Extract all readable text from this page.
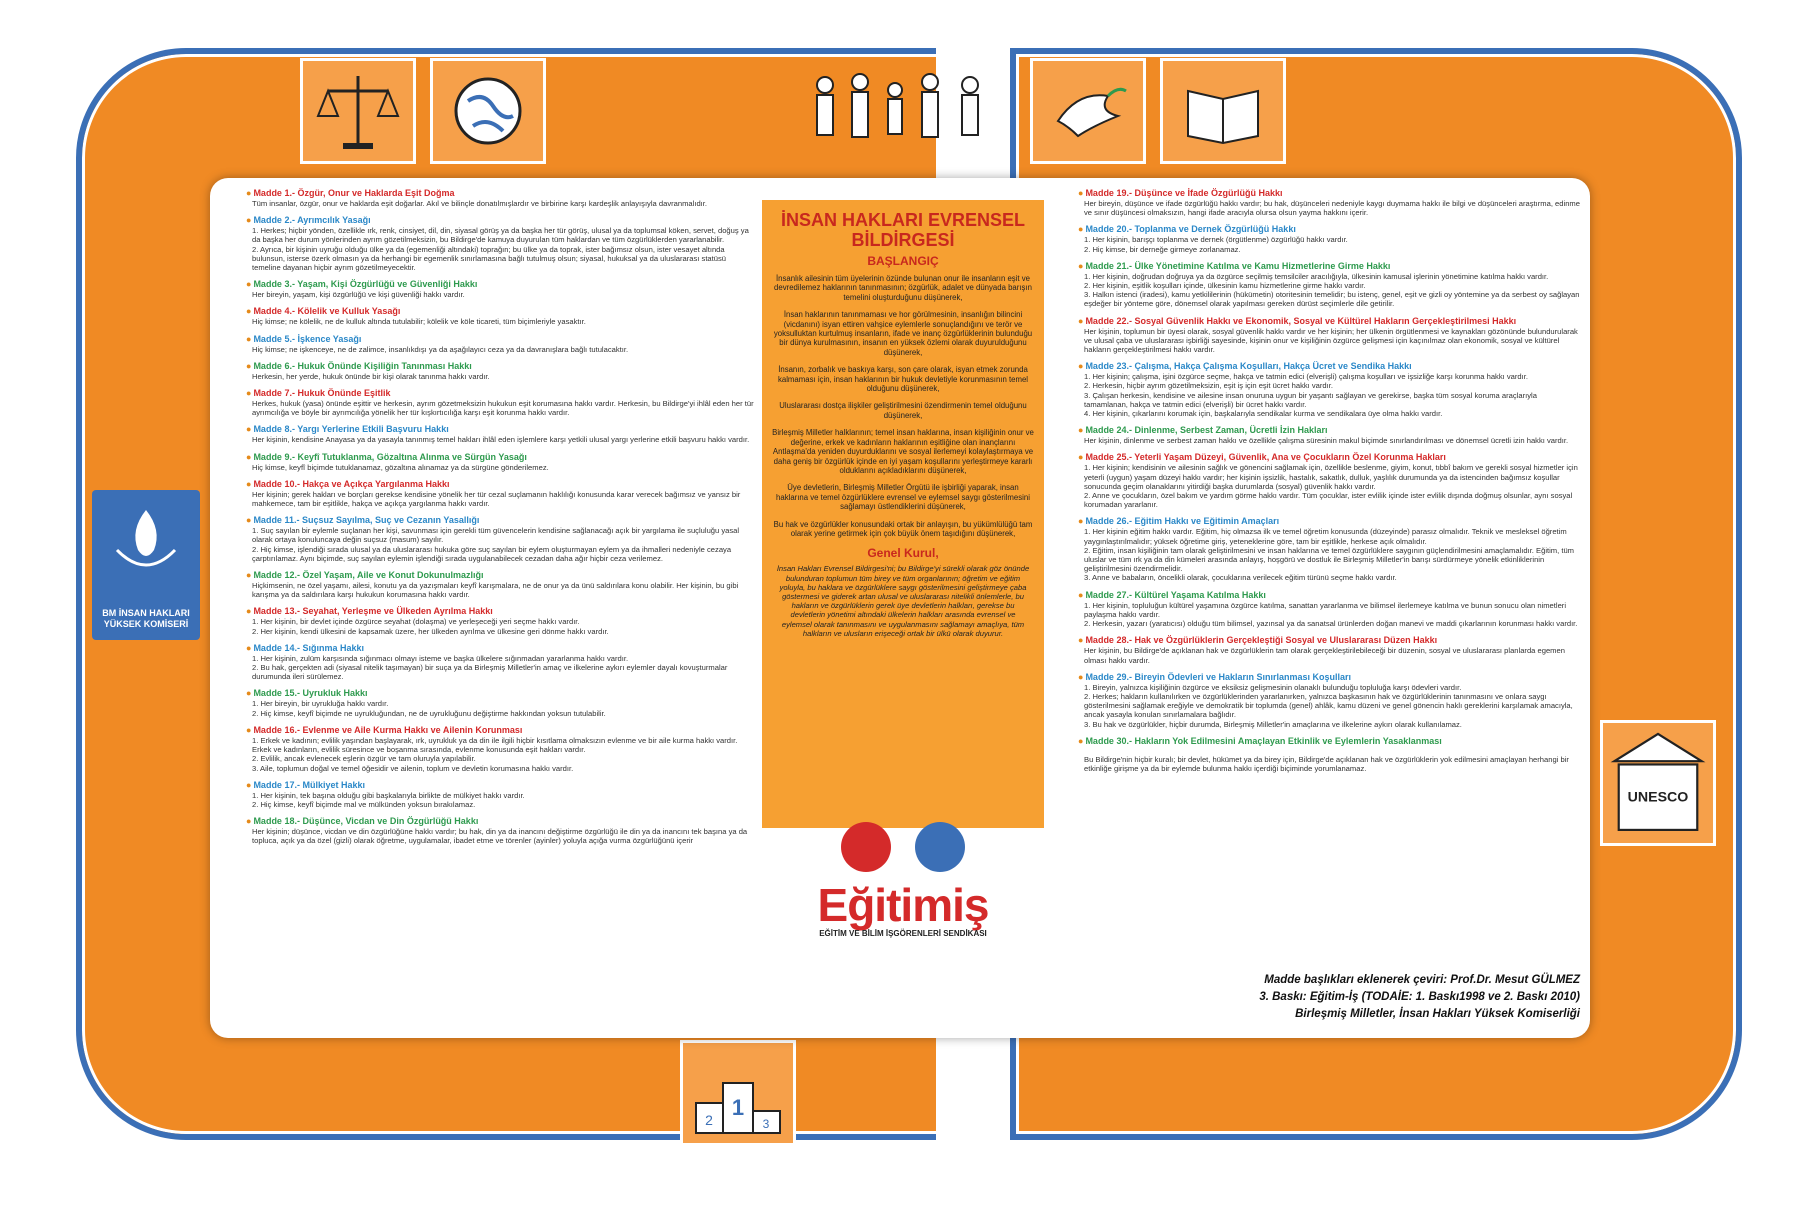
1
2	3
UNESCO
BM İNSAN HAKLARI YÜKSEK KOMİSERİ

● Madde 1.- Özgür, Onur ve Haklarda Eşit Doğma

Tüm insanlar, özgür, onur ve haklarda eşit doğarlar. Akıl ve bilinçle donatılmışlardır ve birbirine karşı kardeşlik anlayışıyla davranmalıdır.

● Madde 2.- Ayrımcılık Yasağı

1. Herkes; hiçbir yönden, özellikle ırk, renk, cinsiyet, dil, din, siyasal görüş ya da başka her tür görüş, ulusal ya da toplumsal köken, servet, doğuş ya da başka her durum yönlerinden ayrım gözetilmeksizin, bu Bildirge'de kamuya duyurulan tüm haklardan ve tüm özgürlüklerden yararlanabilir.
2. Ayrıca, bir kişinin uyruğu olduğu ülke ya da (egemenliği altındaki) toprağın; bu ülke ya da toprak, ister bağımsız olsun, ister vesayet altında bulunsun, isterse özerk olmasın ya da herhangi bir egemenlik sınırlamasına bağlı tutulmuş olsun; siyasal, hukuksal ya da uluslararası statüsü temeline dayanan hiçbir ayrım gözetilmeyecektir.

● Madde 3.- Yaşam, Kişi Özgürlüğü ve Güvenliği Hakkı

Her bireyin, yaşam, kişi özgürlüğü ve kişi güvenliği hakkı vardır.

● Madde 4.- Kölelik ve Kulluk Yasağı

Hiç kimse; ne kölelik, ne de kulluk altında tutulabilir; kölelik ve köle ticareti, tüm biçimleriyle yasaktır.

● Madde 5.- İşkence Yasağı

Hiç kimse; ne işkenceye, ne de zalimce, insanlıkdışı ya da aşağılayıcı ceza ya da davranışlara bağlı tutulacaktır.

● Madde 6.- Hukuk Önünde Kişiliğin Tanınması Hakkı

Herkesin, her yerde, hukuk önünde bir kişi olarak tanınma hakkı vardır.

● Madde 7.- Hukuk Önünde Eşitlik

Herkes, hukuk (yasa) önünde eşittir ve herkesin, ayrım gözetmeksizin hukukun eşit korumasına hakkı vardır. Herkesin, bu Bildirge'yi ihlâl eden her tür ayrımcılığa ve böyle bir ayrımcılığa yönelik her tür kışkırtıcılığa karşı eşit korunma hakkı vardır.

● Madde 8.- Yargı Yerlerine Etkili Başvuru Hakkı

Her kişinin, kendisine Anayasa ya da yasayla tanınmış temel hakları ihlâl eden işlemlere karşı yetkili ulusal yargı yerlerine etkili başvuru hakkı vardır.

● Madde 9.- Keyfî Tutuklanma, Gözaltına Alınma ve Sürgün Yasağı

Hiç kimse, keyfî biçimde tutuklanamaz, gözaltına alınamaz ya da sürgüne gönderilemez.

● Madde 10.- Hakça ve Açıkça Yargılanma Hakkı

Her kişinin; gerek hakları ve borçları gerekse kendisine yönelik her tür cezal suçlamanın haklılığı konusunda karar verecek bağımsız ve yansız bir mahkemece, tam bir eşitlikle, hakça ve açıkça yargılanma hakkı vardır.

● Madde 11.- Suçsuz Sayılma, Suç ve Cezanın Yasallığı

1. Suç sayılan bir eylemle suçlanan her kişi, savunması için gerekli tüm güvencelerin kendisine sağlanacağı açık bir yargılama ile suçluluğu yasal olarak ortaya konuluncaya değin suçsuz (masum) sayılır.
2. Hiç kimse, işlendiği sırada ulusal ya da uluslararası hukuka göre suç sayılan bir eylem oluşturmayan eylem ya da ihmalleri nedeniyle cezaya çarptırılamaz. Aynı biçimde, suç sayılan eylemin işlendiği sırada uygulanabilecek cezadan daha ağır hiçbir ceza verilemez.

● Madde 12.- Özel Yaşam, Aile ve Konut Dokunulmazlığı

Hiçkimsenin, ne özel yaşamı, ailesi, konutu ya da yazışmaları keyfî karışmalara, ne de onur ya da ünü saldırılara konu olabilir. Her kişinin, bu gibi karışma ya da saldırılara karşı hukukun korumasına hakkı vardır.

● Madde 13.- Seyahat, Yerleşme ve Ülkeden Ayrılma Hakkı

1. Her kişinin, bir devlet içinde özgürce seyahat (dolaşma) ve yerleşeceği yeri seçme hakkı vardır.
2. Her kişinin, kendi ülkesini de kapsamak üzere, her ülkeden ayrılma ve ülkesine geri dönme hakkı vardır.

● Madde 14.- Sığınma Hakkı

1. Her kişinin, zulüm karşısında sığınmacı olmayı isteme ve başka ülkelere sığınmadan yararlanma hakkı vardır.
2. Bu hak, gerçekten adi (siyasal nitelik taşımayan) bir suça ya da Birleşmiş Milletler'in amaç ve ilkelerine aykırı eylemler dayalı kovuşturmalar durumunda ileri sürülemez.

● Madde 15.- Uyrukluk Hakkı

1. Her bireyin, bir uyrukluğa hakkı vardır.
2. Hiç kimse, keyfî biçimde ne uyrukluğundan, ne de uyrukluğunu değiştirme hakkından yoksun tutulabilir.

● Madde 16.- Evlenme ve Aile Kurma Hakkı ve Ailenin Korunması

1. Erkek ve kadının; evlilik yaşından başlayarak, ırk, uyrukluk ya da din ile ilgili hiçbir kısıtlama olmaksızın evlenme ve bir aile kurma hakkı vardır. Erkek ve kadınların, evlilik süresince ve boşanma sırasında, evlenme konusunda eşit hakları vardır.
2. Evlilik, ancak evlenecek eşlerin özgür ve tam oluruyla yapılabilir.
3. Aile, toplumun doğal ve temel öğesidir ve ailenin, toplum ve devletin korumasına hakkı vardır.

● Madde 17.- Mülkiyet Hakkı

1. Her kişinin, tek başına olduğu gibi başkalarıyla birlikte de mülkiyet hakkı vardır.
2. Hiç kimse, keyfî biçimde mal ve mülkünden yoksun bırakılamaz.

● Madde 18.- Düşünce, Vicdan ve Din Özgürlüğü Hakkı

Her kişinin; düşünce, vicdan ve din özgürlüğüne hakkı vardır; bu hak, din ya da inancını değiştirme özgürlüğü ile din ya da inancını tek başına ya da topluca, açık ya da özel (gizli) olarak öğretme, uygulamalar, ibadet etme ve törenler (ayinler) yoluyla açığa vurma özgürlüğünü içerir

İNSAN HAKLARI EVRENSEL BİLDİRGESİ
BAŞLANGIÇ

İnsanlık ailesinin tüm üyelerinin özünde bulunan onur ile insanların eşit ve devredilemez haklarının tanınmasının; özgürlük, adalet ve dünyada barışın temelini oluşturduğunu düşünerek,

İnsan haklarının tanınmaması ve hor görülmesinin, insanlığın bilincini (vicdanını) isyan ettiren vahşice eylemlerle sonuçlandığını ve terör ve yoksulluktan kurtulmuş insanların, ifade ve inanç özgürlüklerinin bulunduğu bir dünya kurulmasının, insanın en yüksek özlemi olarak duyurulduğunu düşünerek,

İnsanın, zorbalık ve baskıya karşı, son çare olarak, isyan etmek zorunda kalmaması için, insan haklarının bir hukuk devletiyle korunmasının temel olduğunu düşünerek,

Uluslararası dostça ilişkiler geliştirilmesini özendirmenin temel olduğunu düşünerek,

Birleşmiş Milletler halklarının; temel insan haklarına, insan kişiliğinin onur ve değerine, erkek ve kadınların haklarının eşitliğine olan inançlarını Antlaşma'da yeniden duyurduklarını ve sosyal ilerlemeyi kolaylaştırmaya ve daha geniş bir özgürlük içinde en iyi yaşam koşullarını yerleştirmeye kararlı olduklarını açıkladıklarını düşünerek,

Üye devletlerin, Birleşmiş Milletler Örgütü ile işbirliği yaparak, insan haklarına ve temel özgürlüklere evrensel ve eylemsel saygı gösterilmesini sağlamayı üstlendiklerini düşünerek,

Bu hak ve özgürlükler konusundaki ortak bir anlayışın, bu yükümlülüğü tam olarak yerine getirmek için çok büyük önem taşıdığını düşünerek,

Genel Kurul,

İnsan Hakları Evrensel Bildirgesi'ni; bu Bildirge'yi sürekli olarak göz önünde bulunduran toplumun tüm birey ve tüm organlarının; öğretim ve eğitim yoluyla, bu haklara ve özgürlüklere saygı gösterilmesini geliştirmeye çaba göstermesi ve giderek artan ulusal ve uluslararası nitelikli önlemlerle, bu hakların ve özgürlüklerin gerek üye devletlerin halkları, gerekse bu devletlerin yönetimi altındaki ülkelerin halkları arasında evrensel ve eylemsel olarak tanınmasını ve uygulanmasını sağlamayı amaçlıya, tüm halkların ve ulusların erişeceği ortak bir ülkü olarak duyurur.

Eğitimiş
EĞİTİM VE BİLİM İŞGÖRENLERİ SENDİKASI

● Madde 19.- Düşünce ve İfade Özgürlüğü Hakkı

Her bireyin, düşünce ve ifade özgürlüğü hakkı vardır; bu hak, düşünceleri nedeniyle kaygı duymama hakkı ile bilgi ve düşünceleri araştırma, edinme ve sınır düşüncesi olmaksızın, hangi ifade aracıyla olursa olsun yayma hakkını içerir.

● Madde 20.- Toplanma ve Dernek Özgürlüğü Hakkı

1. Her kişinin, barışçı toplanma ve dernek (örgütlenme) özgürlüğü hakkı vardır.
2. Hiç kimse, bir derneğe girmeye zorlanamaz.

● Madde 21.- Ülke Yönetimine Katılma ve Kamu Hizmetlerine Girme Hakkı

1. Her kişinin, doğrudan doğruya ya da özgürce seçilmiş temsilciler aracılığıyla, ülkesinin kamusal işlerinin yönetimine katılma hakkı vardır.
2. Her kişinin, eşitlik koşulları içinde, ülkesinin kamu hizmetlerine girme hakkı vardır.
3. Halkın istenci (iradesi), kamu yetkililerinin (hükümetin) otoritesinin temelidir; bu istenç, genel, eşit ve gizli oy yöntemine ya da serbest oy sağlayan eşdeğer bir yönteme göre, dönemsel olarak yapılması gereken dürüst seçimlerle dile getirilir.

● Madde 22.- Sosyal Güvenlik Hakkı ve Ekonomik, Sosyal ve Kültürel Hakların Gerçekleştirilmesi Hakkı

Her kişinin, toplumun bir üyesi olarak, sosyal güvenlik hakkı vardır ve her kişinin; her ülkenin örgütlenmesi ve kaynakları gözönünde bulundurularak ve ulusal çaba ve uluslararası işbirliği sayesinde, kişinin onur ve kişiliğinin özgürce gelişmesi için kaçınılmaz olan ekonomik, sosyal ve kültürel hakların gerçekleştirilmesi hakkı vardır.

● Madde 23.- Çalışma, Hakça Çalışma Koşulları, Hakça Ücret ve Sendika Hakkı

1. Her kişinin; çalışma, işini özgürce seçme, hakça ve tatmin edici (elverişli) çalışma koşulları ve işsizliğe karşı korunma hakkı vardır.
2. Herkesin, hiçbir ayrım gözetilmeksizin, eşit iş için eşit ücret hakkı vardır.
3. Çalışan herkesin, kendisine ve ailesine insan onuruna uygun bir yaşantı sağlayan ve gerekirse, başka tüm sosyal koruma araçlarıyla tamamlanan, hakça ve tatmin edici (elverişli) bir ücret hakkı vardır.
4. Her kişinin, çıkarlarını korumak için, başkalarıyla sendikalar kurma ve sendikalara üye olma hakkı vardır.

● Madde 24.- Dinlenme, Serbest Zaman, Ücretli İzin Hakları

Her kişinin, dinlenme ve serbest zaman hakkı ve özellikle çalışma süresinin makul biçimde sınırlandırılması ve dönemsel ücretli izin hakkı vardır.

● Madde 25.- Yeterli Yaşam Düzeyi, Güvenlik, Ana ve Çocukların Özel Korunma Hakları

1. Her kişinin; kendisinin ve ailesinin sağlık ve gönencini sağlamak için, özellikle beslenme, giyim, konut, tıbbî bakım ve gerekli sosyal hizmetler için yeterli (uygun) yaşam düzeyi hakkı vardır; her kişinin işsizlik, hastalık, sakatlık, dulluk, yaşlılık durumunda ya da istencinden bağımsız koşullar sonucunda geçim olanaklarını yitirdiği başka durumlarda (sosyal) güvenlik hakkı vardır.
2. Anne ve çocukların, özel bakım ve yardım görme hakkı vardır. Tüm çocuklar, ister evlilik içinde ister evlilik dışında doğmuş olsunlar, aynı sosyal korumadan yararlanır.

● Madde 26.- Eğitim Hakkı ve Eğitimin Amaçları

1. Her kişinin eğitim hakkı vardır. Eğitim, hiç olmazsa ilk ve temel öğretim konusunda (düzeyinde) parasız olmalıdır. Teknik ve mesleksel öğretim yaygınlaştırılmalıdır; yüksek öğretime giriş, yeteneklerine göre, tam bir eşitlikle, herkese açık olmalıdır.
2. Eğitim, insan kişiliğinin tam olarak geliştirilmesini ve insan haklarına ve temel özgürlüklere saygının güçlendirilmesini amaçlamalıdır. Eğitim, tüm uluslar ve tüm ırk ya da din kümeleri arasında anlayış, hoşgörü ve dostluk ile Birleşmiş Milletler'in barışı sürdürmeye yönelik etkinliklerinin geliştirilmesini özendirmelidir.
3. Anne ve babaların, öncelikli olarak, çocuklarına verilecek eğitim türünü seçme hakkı vardır.

● Madde 27.- Kültürel Yaşama Katılma Hakkı

1. Her kişinin, topluluğun kültürel yaşamına özgürce katılma, sanattan yararlanma ve bilimsel ilerlemeye katılma ve bunun sonucu olan nimetleri paylaşma hakkı vardır.
2. Herkesin, yazarı (yaratıcısı) olduğu tüm bilimsel, yazınsal ya da sanatsal ürünlerden doğan manevi ve maddi çıkarlarının korunması hakkı vardır.

● Madde 28.- Hak ve Özgürlüklerin Gerçekleştiği Sosyal ve Uluslararası Düzen Hakkı

Her kişinin, bu Bildirge'de açıklanan hak ve özgürlüklerin tam olarak gerçekleştirilebileceği bir düzenin, sosyal ve uluslararası planlarda egemen olması hakkı vardır.

● Madde 29.- Bireyin Ödevleri ve Hakların Sınırlanması Koşulları

1. Bireyin, yalnızca kişiliğinin özgürce ve eksiksiz gelişmesinin olanaklı bulunduğu topluluğa karşı ödevleri vardır.
2. Herkes; hakların kullanılırken ve özgürlüklerinden yararlanırken, yalnızca başkasının hak ve özgürlüklerinin tanınmasını ve onlara saygı gösterilmesini sağlamak ereğiyle ve demokratik bir toplumda (genel) ahlâk, kamu düzeni ve genel gönencin haklı gereklerini karşılamak amacıyla, ancak yasayla konulan sınırlamalara bağlıdır.
3. Bu hak ve özgürlükler, hiçbir durumda, Birleşmiş Milletler'in amaçlarına ve ilkelerine aykırı olarak kullanılamaz.

● Madde 30.- Hakların Yok Edilmesini Amaçlayan Etkinlik ve Eylemlerin Yasaklanması

Bu Bildirge'nin hiçbir kuralı; bir devlet, hükümet ya da birey için, Bildirge'de açıklanan hak ve özgürlüklerin yok edilmesini amaçlayan herhangi bir etkinliğe girişme ya da bir eylemde bulunma hakkı içerdiği biçiminde yorumlanamaz.

Madde başlıkları eklenerek çeviri: Prof.Dr. Mesut GÜLMEZ
3. Baskı: Eğitim-İş (TODAİE: 1. Baskı1998 ve 2. Baskı 2010)
Birleşmiş Milletler, İnsan Hakları Yüksek Komiserliği
